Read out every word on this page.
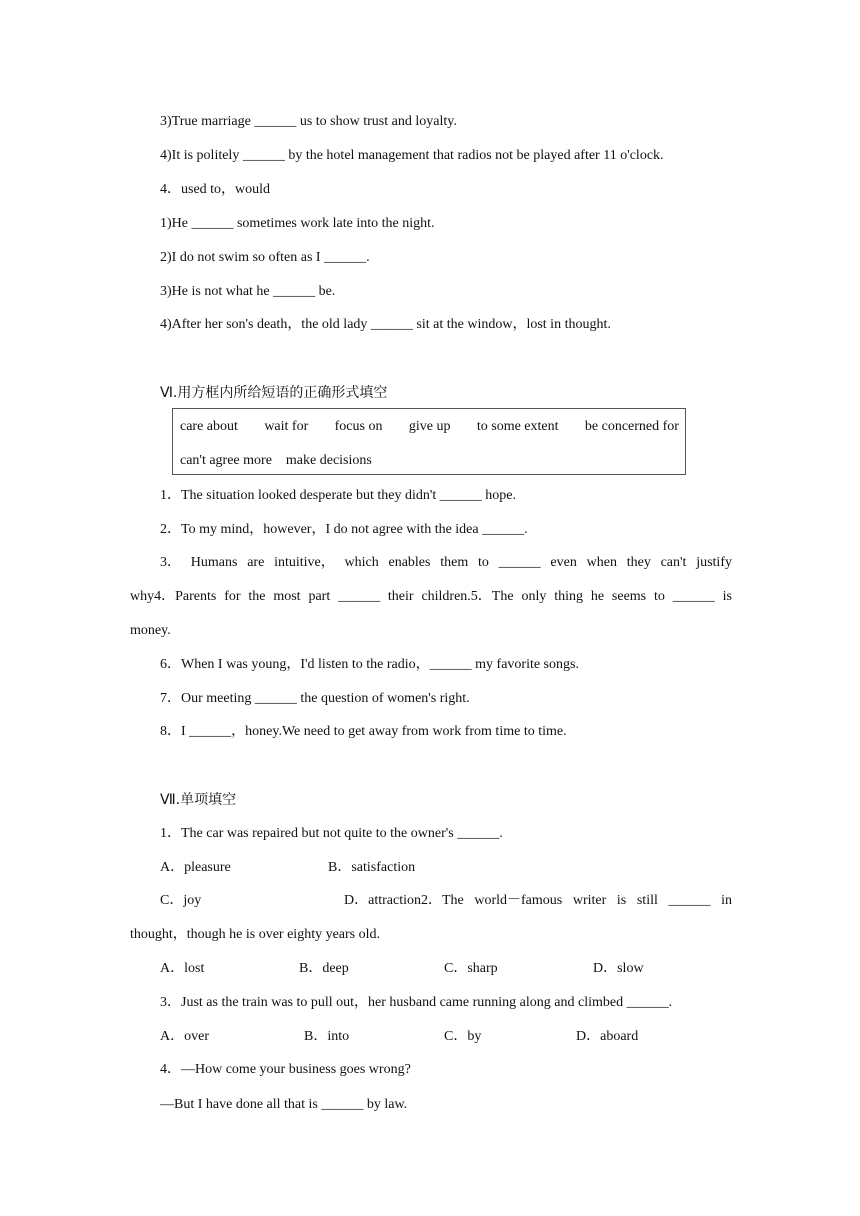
3)True marriage ______ us to show trust and loyalty.
4)It is politely ______ by the hotel management that radios not be played after 11 o'clock.
4．used to，would
1)He ______ sometimes work late into the night.
2)I do not swim so often as I ______.
3)He is not what he ______ be.
4)After her son's death，the old lady ______ sit at the window，lost in thought.
Ⅵ.用方框内所给短语的正确形式填空
care about wait for focus on give up to some extent be concerned for
can't agree more make decisions
1．The situation looked desperate but they didn't ______ hope.
2．To my mind，however，I do not agree with the idea ______.
3． Humans are intuitive， which enables them to ______ even when they can't justify
why4．Parents for the most part ______ their children.5．The only thing he seems to ______ is
money.
6．When I was young，I'd listen to the radio，______ my favorite songs.
7．Our meeting ______ the question of women's right.
8．I ______，honey.We need to get away from work from time to time.
Ⅶ.单项填空
1．The car was repaired but not quite to the owner's ______.
A．pleasure	B．satisfaction
C．joy	D．attraction2．The world－famous writer is still ______ in
thought，though he is over eighty years old.
A．lost	B．deep	C．sharp	D．slow
3．Just as the train was to pull out，her husband came running along and climbed ______.
A．over	B．into	C．by	D．aboard
4．—How come your business goes wrong?
—But I have done all that is ______ by law.
